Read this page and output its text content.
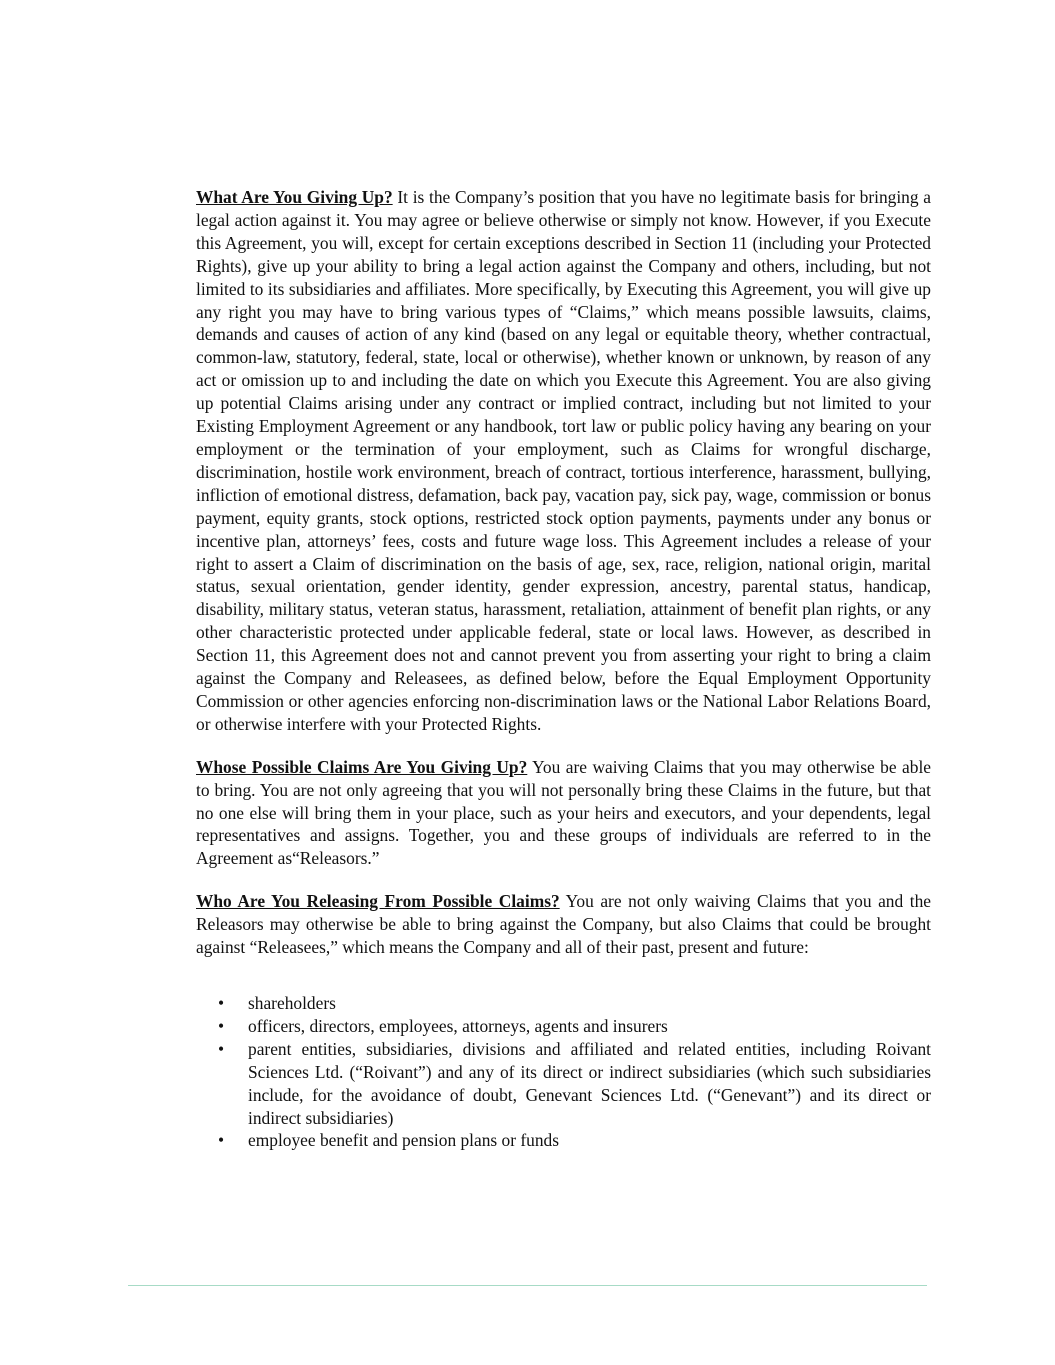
What Are You Giving Up? It is the Company’s position that you have no legitimate basis for bringing a legal action against it. You may agree or believe otherwise or simply not know. However, if you Execute this Agreement, you will, except for certain exceptions described in Section 11 (including your Protected Rights), give up your ability to bring a legal action against the Company and others, including, but not limited to its subsidiaries and affiliates. More specifically, by Executing this Agreement, you will give up any right you may have to bring various types of “Claims,” which means possible lawsuits, claims, demands and causes of action of any kind (based on any legal or equitable theory, whether contractual, common-law, statutory, federal, state, local or otherwise), whether known or unknown, by reason of any act or omission up to and including the date on which you Execute this Agreement. You are also giving up potential Claims arising under any contract or implied contract, including but not limited to your Existing Employment Agreement or any handbook, tort law or public policy having any bearing on your employment or the termination of your employment, such as Claims for wrongful discharge, discrimination, hostile work environment, breach of contract, tortious interference, harassment, bullying, infliction of emotional distress, defamation, back pay, vacation pay, sick pay, wage, commission or bonus payment, equity grants, stock options, restricted stock option payments, payments under any bonus or incentive plan, attorneys’ fees, costs and future wage loss. This Agreement includes a release of your right to assert a Claim of discrimination on the basis of age, sex, race, religion, national origin, marital status, sexual orientation, gender identity, gender expression, ancestry, parental status, handicap, disability, military status, veteran status, harassment, retaliation, attainment of benefit plan rights, or any other characteristic protected under applicable federal, state or local laws. However, as described in Section 11, this Agreement does not and cannot prevent you from asserting your right to bring a claim against the Company and Releasees, as defined below, before the Equal Employment Opportunity Commission or other agencies enforcing non-discrimination laws or the National Labor Relations Board, or otherwise interfere with your Protected Rights.

Whose Possible Claims Are You Giving Up? You are waiving Claims that you may otherwise be able to bring. You are not only agreeing that you will not personally bring these Claims in the future, but that no one else will bring them in your place, such as your heirs and executors, and your dependents, legal representatives and assigns. Together, you and these groups of individuals are referred to in the Agreement as“Releasors.”

Who Are You Releasing From Possible Claims? You are not only waiving Claims that you and the Releasors may otherwise be able to bring against the Company, but also Claims that could be brought against “Releasees,” which means the Company and all of their past, present and future:

• shareholders
• officers, directors, employees, attorneys, agents and insurers
• parent entities, subsidiaries, divisions and affiliated and related entities, including Roivant Sciences Ltd. (“Roivant”) and any of its direct or indirect subsidiaries (which such subsidiaries include, for the avoidance of doubt, Genevant Sciences Ltd. (“Genevant”) and its direct or indirect subsidiaries)
• employee benefit and pension plans or funds
